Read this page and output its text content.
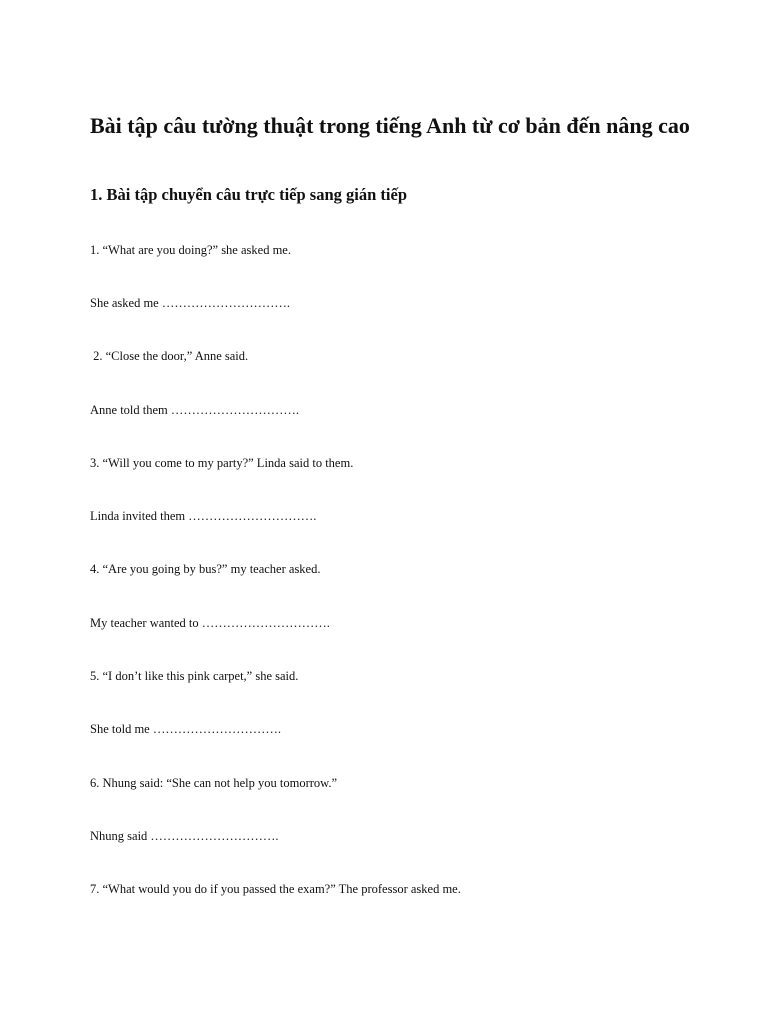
Bài tập câu tường thuật trong tiếng Anh từ cơ bản đến nâng cao
1. Bài tập chuyển câu trực tiếp sang gián tiếp

1. “What are you doing?” she asked me.

She asked me ………………………….

2. “Close the door,” Anne said.

Anne told them ………………………….

3. “Will you come to my party?” Linda said to them.

Linda invited them ………………………….

4. “Are you going by bus?” my teacher asked.

My teacher wanted to ………………………….

5. “I don’t like this pink carpet,” she said.

She told me ………………………….

6. Nhung said: “She can not help you tomorrow.”

Nhung said ………………………….

7. “What would you do if you passed the exam?” The professor asked me.
